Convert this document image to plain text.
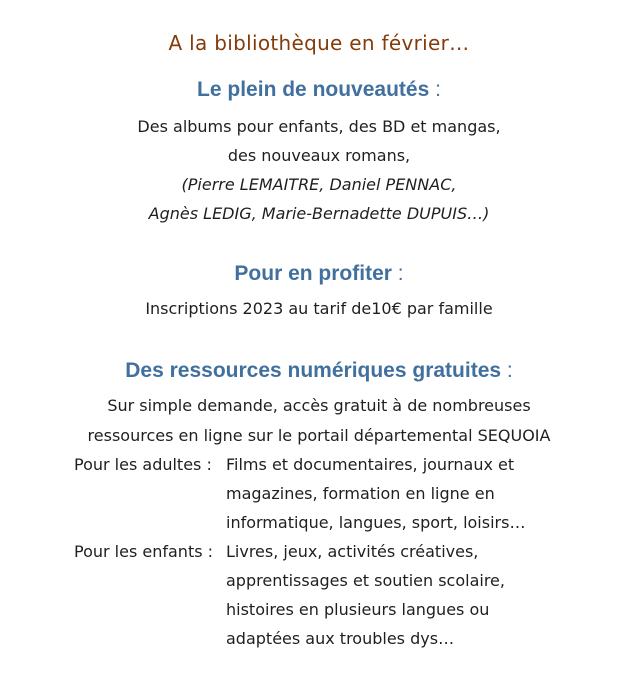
A la bibliothèque en février…
Le plein de nouveautés :
Des albums pour enfants, des BD et mangas,
des nouveaux romans,
(Pierre LEMAITRE, Daniel PENNAC,
Agnès LEDIG, Marie-Bernadette DUPUIS…)
Pour en profiter :
Inscriptions 2023 au tarif de10€ par famille
Des ressources numériques gratuites :
Sur simple demande, accès gratuit à de nombreuses
ressources en ligne sur le portail départemental SEQUOIA
Pour les adultes : Films et documentaires, journaux et
magazines, formation en ligne en
informatique, langues, sport, loisirs…
Pour les enfants : Livres, jeux, activités créatives,
apprentissages et soutien scolaire,
histoires en plusieurs langues ou
adaptées aux troubles dys…
